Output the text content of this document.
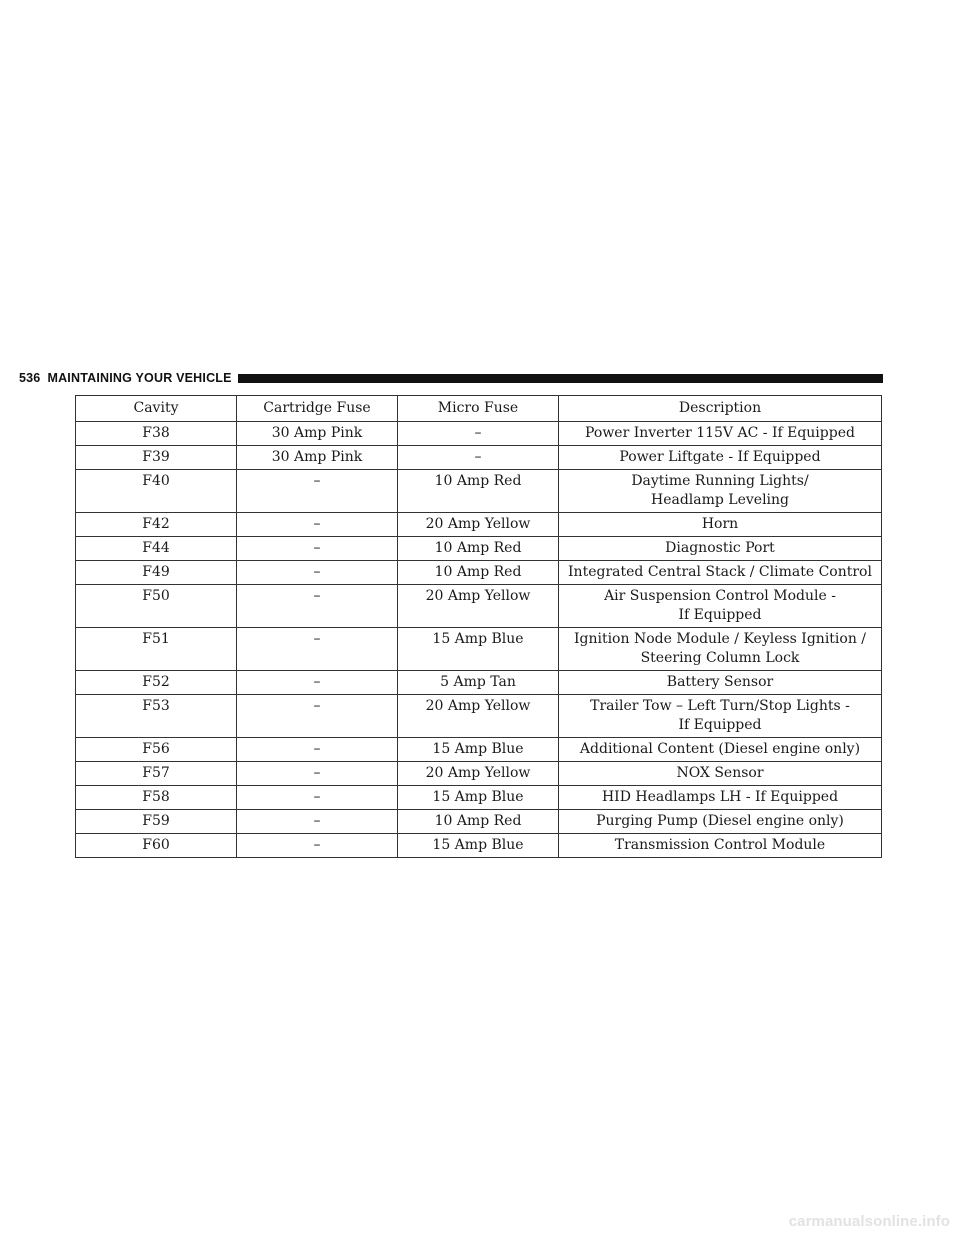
536 MAINTAINING YOUR VEHICLE
Cavity	Cartridge Fuse	Micro Fuse	Description
F38	30 Amp Pink	–	Power Inverter 115V AC - If Equipped

F39	30 Amp Pink	–	Power Liftgate - If Equipped

F40	–	10 Amp Red	Daytime Running Lights/
Headlamp Leveling

F42	–	20 Amp Yellow	Horn

F44	–	10 Amp Red	Diagnostic Port

F49	–	10 Amp Red	Integrated Central Stack / Climate Control

F50	–	20 Amp Yellow	Air Suspension Control Module -
If Equipped

F51	–	15 Amp Blue	Ignition Node Module / Keyless Ignition /
Steering Column Lock

F52	–	5 Amp Tan	Battery Sensor

F53	–	20 Amp Yellow	Trailer Tow – Left Turn/Stop Lights -
If Equipped

F56	–	15 Amp Blue	Additional Content (Diesel engine only)

F57	–	20 Amp Yellow	NOX Sensor

F58	–	15 Amp Blue	HID Headlamps LH - If Equipped

F59	–	10 Amp Red	Purging Pump (Diesel engine only)

F60	–	15 Amp Blue	Transmission Control Module
carmanualsonline.info
